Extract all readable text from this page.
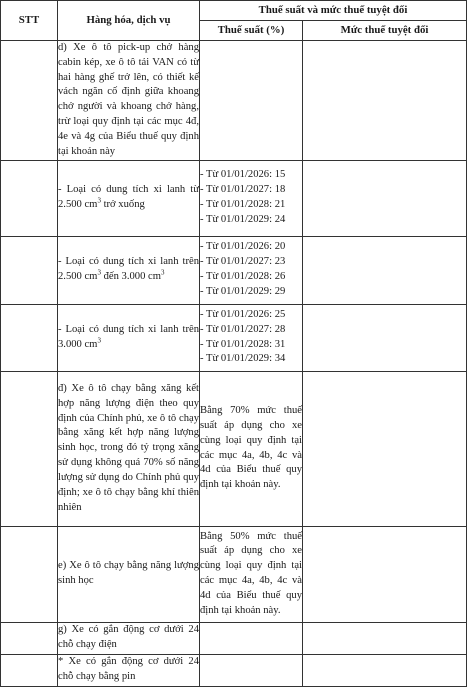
STT	Hàng hóa, dịch vụ	Thuế suất và mức thuế tuyệt đối	
		Thuế suất (%)	Mức thuế tuyệt đối

	d) Xe ô tô pick-up chở hàng cabin kép, xe ô tô tải VAN có từ hai hàng ghế trở lên, có thiết kế vách ngăn cố định giữa khoang chở người và khoang chở hàng, trừ loại quy định tại các mục 4đ, 4e và 4g của Biểu thuế quy định tại khoản này		

	- Loại có dung tích xi lanh từ 2.500 $cm^3$ trở xuống	- Từ 01/01/2026: 15
- Từ 01/01/2027: 18
- Từ 01/01/2028: 21
- Từ 01/01/2029: 24	

	- Loại có dung tích xi lanh trên 2.500 $cm^3$ đến 3.000 $cm^3$	- Từ 01/01/2026: 20
- Từ 01/01/2027: 23
- Từ 01/01/2028: 26
- Từ 01/01/2029: 29	

	- Loại có dung tích xi lanh trên 3.000 $cm^3$	- Từ 01/01/2026: 25
- Từ 01/01/2027: 28
- Từ 01/01/2028: 31
- Từ 01/01/2029: 34	

	đ) Xe ô tô chạy bằng xăng kết hợp năng lượng điện theo quy định của Chính phủ, xe ô tô chạy bằng xăng kết hợp năng lượng sinh học, trong đó tỷ trọng xăng sử dụng không quá 70% số năng lượng sử dụng do Chính phủ quy định; xe ô tô chạy bằng khí thiên nhiên	Bằng 70% mức thuế suất áp dụng cho xe cùng loại quy định tại các mục 4a, 4b, 4c và 4d của Biểu thuế quy định tại khoản này.	

	e) Xe ô tô chạy bằng năng lượng sinh học	Bằng 50% mức thuế suất áp dụng cho xe cùng loại quy định tại các mục 4a, 4b, 4c và 4d của Biểu thuế quy định tại khoản này.	

	g) Xe có gắn động cơ dưới 24 chỗ chạy điện		

	* Xe có gắn động cơ dưới 24 chỗ chạy bằng pin		
